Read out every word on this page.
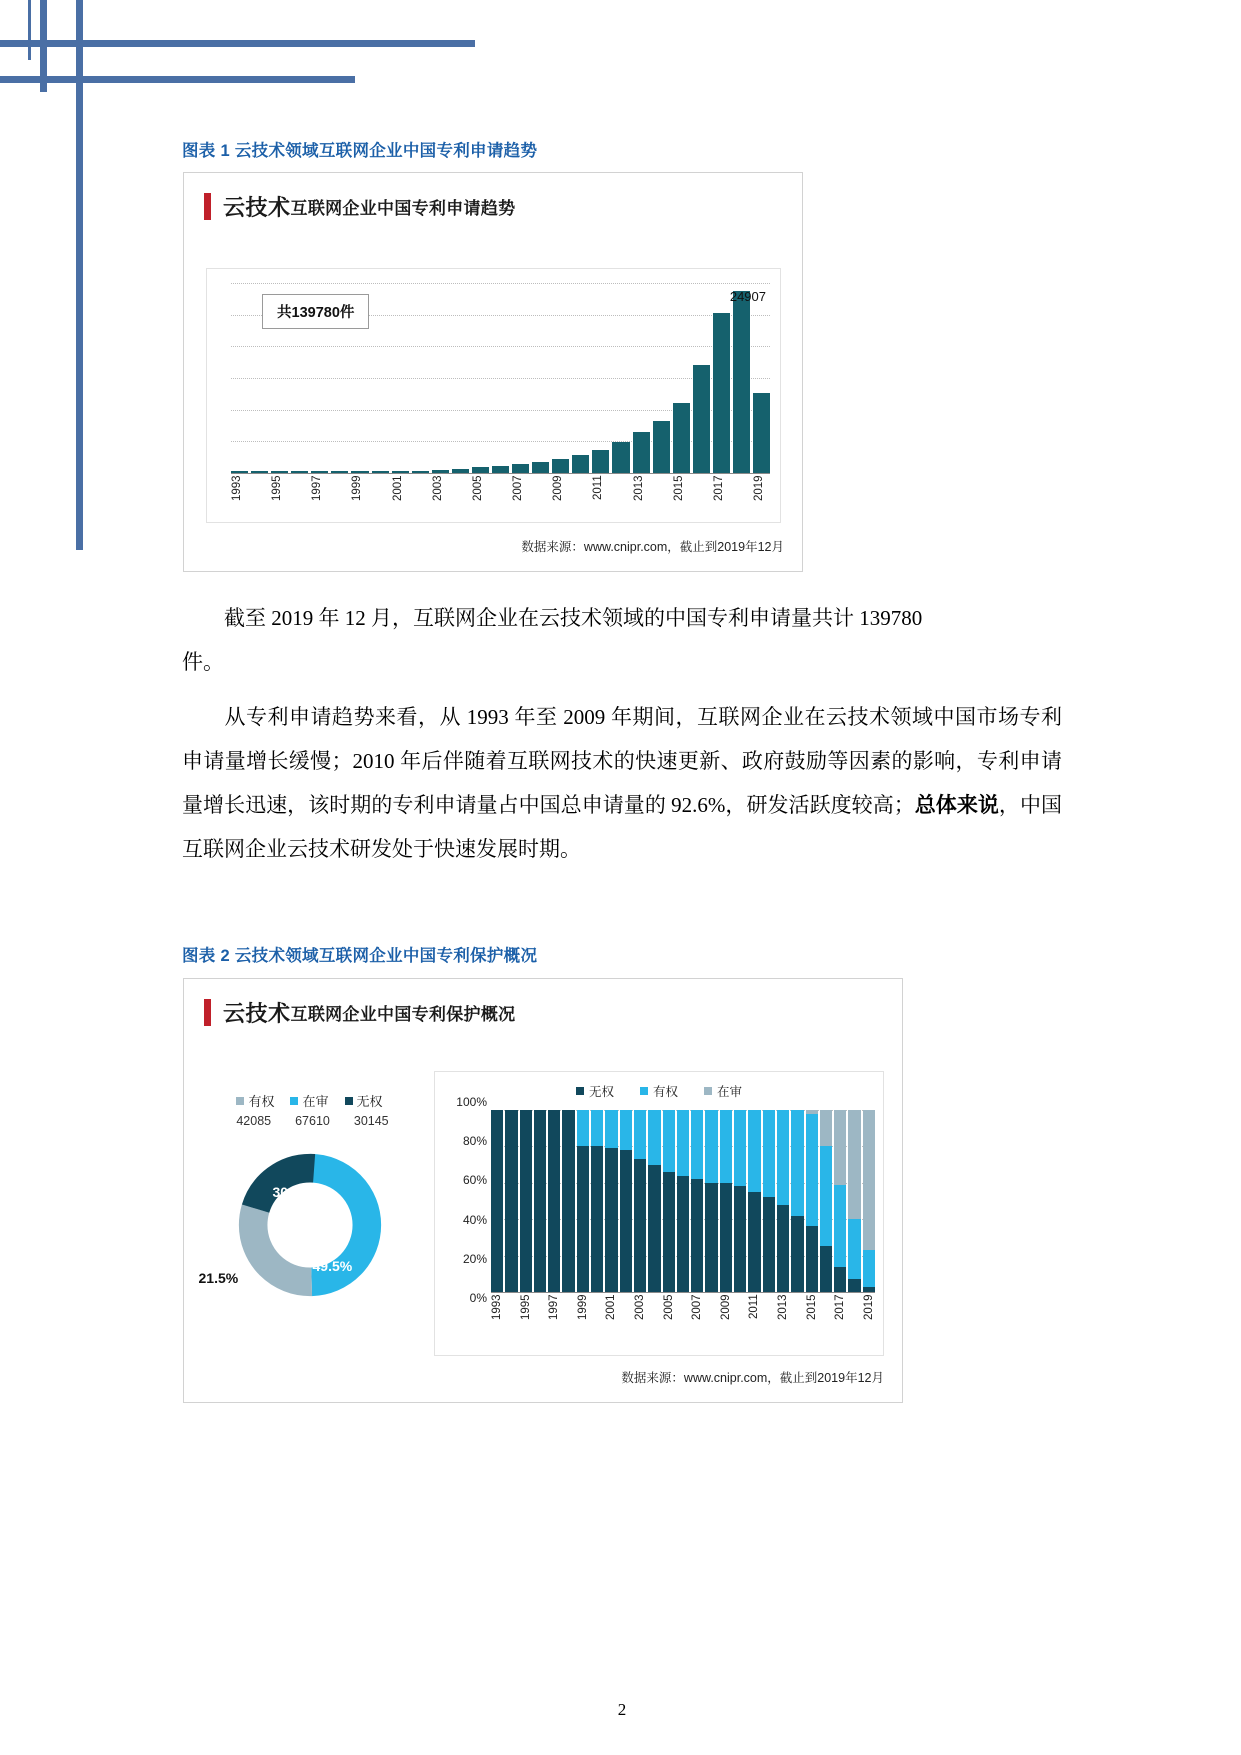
图表 1 云技术领域互联网企业中国专利申请趋势
云技术 互联网企业中国专利申请趋势
共139780件
24907
1993	1995	1997	1999	2001	2003	2005	2007	2009	2011	2013	2015	2017	2019
数据来源：www.cnipr.com，截止到2019年12月
截至 2019 年 12 月，互联网企业在云技术领域的中国专利申请量共计 139780
件。
从专利申请趋势来看，从 1993 年至 2009 年期间，互联网企业在云技术领域中国市场专利申请量增长缓慢；2010 年后伴随着互联网技术的快速更新、政府鼓励等因素的影响，专利申请量增长迅速，该时期的专利申请量占中国总申请量的 92.6%，研发活跃度较高；总体来说，中国互联网企业云技术研发处于快速发展时期。
图表 2 云技术领域互联网企业中国专利保护概况
云技术 互联网企业中国专利保护概况
有权 在审 无权
42085 67610 30145
30.1%
49.5%
21.5%
无权	有权	在审
0%
20%
40%
60%
80%
100%
1993 1995 1997 1999 2001 2003 2005 2007 2009 2011 2013 2015 2017 2019
数据来源：www.cnipr.com，截止到2019年12月
2
